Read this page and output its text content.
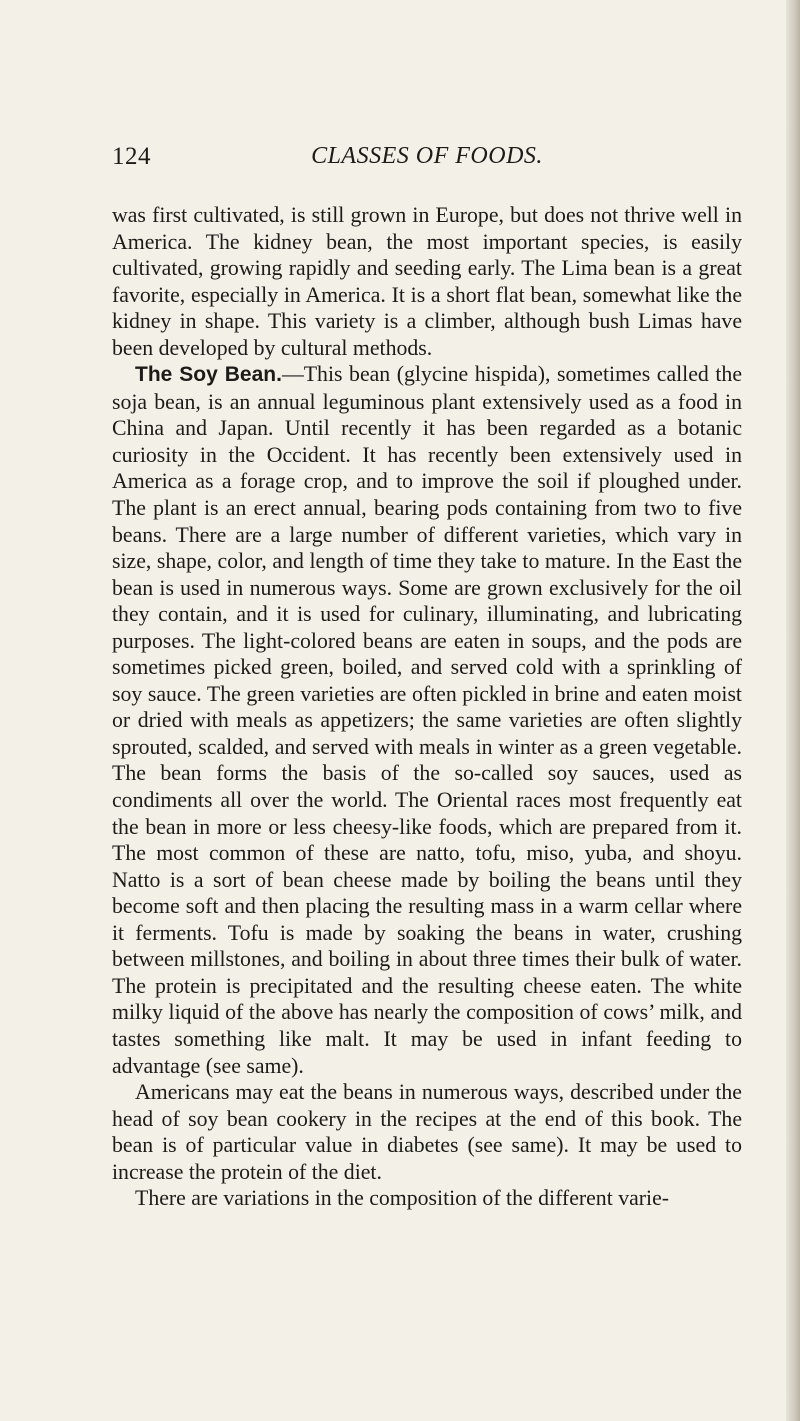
124	CLASSES OF FOODS.

was first cultivated, is still grown in Europe, but does not thrive well in America. The kidney bean, the most important species, is easily cultivated, growing rapidly and seeding early. The Lima bean is a great favorite, especially in America. It is a short flat bean, somewhat like the kidney in shape. This variety is a climber, although bush Limas have been developed by cultural methods.

The Soy Bean.—This bean (glycine hispida), sometimes called the soja bean, is an annual leguminous plant extensively used as a food in China and Japan. Until recently it has been regarded as a botanic curiosity in the Occident. It has recently been extensively used in America as a forage crop, and to improve the soil if ploughed under. The plant is an erect annual, bearing pods containing from two to five beans. There are a large number of different varieties, which vary in size, shape, color, and length of time they take to mature. In the East the bean is used in numerous ways. Some are grown exclusively for the oil they contain, and it is used for culinary, illuminating, and lubricating purposes. The light-colored beans are eaten in soups, and the pods are sometimes picked green, boiled, and served cold with a sprinkling of soy sauce. The green varieties are often pickled in brine and eaten moist or dried with meals as appetizers; the same varieties are often slightly sprouted, scalded, and served with meals in winter as a green vegetable. The bean forms the basis of the so-called soy sauces, used as condiments all over the world. The Oriental races most frequently eat the bean in more or less cheesy-like foods, which are prepared from it. The most common of these are natto, tofu, miso, yuba, and shoyu. Natto is a sort of bean cheese made by boiling the beans until they become soft and then placing the resulting mass in a warm cellar where it ferments. Tofu is made by soaking the beans in water, crushing between millstones, and boiling in about three times their bulk of water. The protein is precipitated and the resulting cheese eaten. The white milky liquid of the above has nearly the composition of cows’ milk, and tastes something like malt. It may be used in infant feeding to advantage (see same).

Americans may eat the beans in numerous ways, described under the head of soy bean cookery in the recipes at the end of this book. The bean is of particular value in diabetes (see same). It may be used to increase the protein of the diet.

There are variations in the composition of the different varie-
